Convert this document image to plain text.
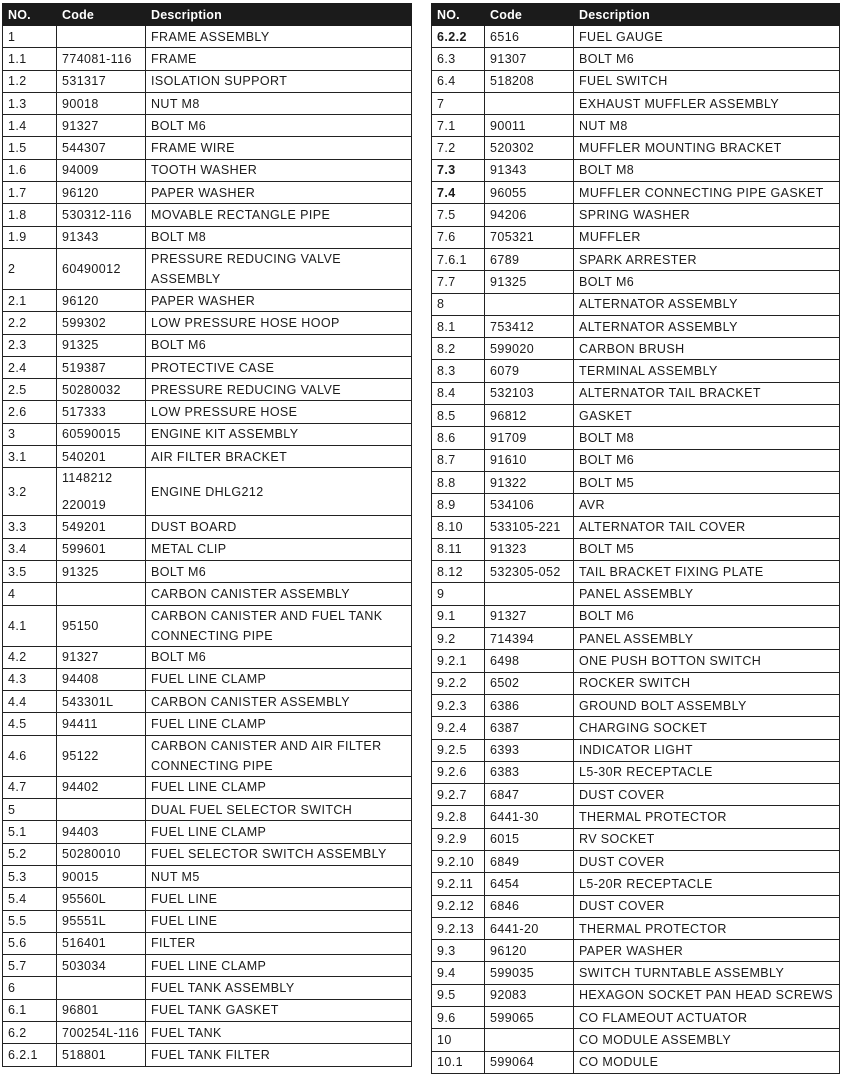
NO.	Code	Description
1		FRAME ASSEMBLY

1.1	774081-116	FRAME

1.2	531317	ISOLATION SUPPORT

1.3	90018	NUT M8

1.4	91327	BOLT M6

1.5	544307	FRAME WIRE

1.6	94009	TOOTH WASHER

1.7	96120	PAPER WASHER

1.8	530312-116	MOVABLE RECTANGLE PIPE

1.9	91343	BOLT M8

2	60490012	PRESSURE REDUCING VALVE
ASSEMBLY

2.1	96120	PAPER WASHER

2.2	599302	LOW PRESSURE HOSE HOOP

2.3	91325	BOLT M6

2.4	519387	PROTECTIVE CASE

2.5	50280032	PRESSURE REDUCING VALVE

2.6	517333	LOW PRESSURE HOSE

3	60590015	ENGINE KIT ASSEMBLY

3.1	540201	AIR FILTER BRACKET

3.2	1148212
220019	ENGINE DHLG212

3.3	549201	DUST BOARD

3.4	599601	METAL CLIP

3.5	91325	BOLT M6

4		CARBON CANISTER ASSEMBLY

4.1	95150	CARBON CANISTER AND FUEL TANK
CONNECTING PIPE

4.2	91327	BOLT M6

4.3	94408	FUEL LINE CLAMP

4.4	543301L	CARBON CANISTER ASSEMBLY

4.5	94411	FUEL LINE CLAMP

4.6	95122	CARBON CANISTER AND AIR FILTER
CONNECTING PIPE

4.7	94402	FUEL LINE CLAMP

5		DUAL FUEL SELECTOR SWITCH

5.1	94403	FUEL LINE CLAMP

5.2	50280010	FUEL SELECTOR SWITCH ASSEMBLY

5.3	90015	NUT M5

5.4	95560L	FUEL LINE

5.5	95551L	FUEL LINE

5.6	516401	FILTER

5.7	503034	FUEL LINE CLAMP

6		FUEL TANK ASSEMBLY

6.1	96801	FUEL TANK GASKET

6.2	700254L-116	FUEL TANK

6.2.1	518801	FUEL TANK FILTER
NO.	Code	Description
6.2.2	6516	FUEL GAUGE

6.3	91307	BOLT M6

6.4	518208	FUEL SWITCH

7		EXHAUST MUFFLER ASSEMBLY

7.1	90011	NUT M8

7.2	520302	MUFFLER MOUNTING BRACKET

7.3	91343	BOLT M8

7.4	96055	MUFFLER CONNECTING PIPE GASKET

7.5	94206	SPRING WASHER

7.6	705321	MUFFLER

7.6.1	6789	SPARK ARRESTER

7.7	91325	BOLT M6

8		ALTERNATOR ASSEMBLY

8.1	753412	ALTERNATOR ASSEMBLY

8.2	599020	CARBON BRUSH

8.3	6079	TERMINAL ASSEMBLY

8.4	532103	ALTERNATOR TAIL BRACKET

8.5	96812	GASKET

8.6	91709	BOLT M8

8.7	91610	BOLT M6

8.8	91322	BOLT M5

8.9	534106	AVR

8.10	533105-221	ALTERNATOR TAIL COVER

8.11	91323	BOLT M5

8.12	532305-052	TAIL BRACKET FIXING PLATE

9		PANEL ASSEMBLY

9.1	91327	BOLT M6

9.2	714394	PANEL ASSEMBLY

9.2.1	6498	ONE PUSH BOTTON SWITCH

9.2.2	6502	ROCKER SWITCH

9.2.3	6386	GROUND BOLT ASSEMBLY

9.2.4	6387	CHARGING SOCKET

9.2.5	6393	INDICATOR LIGHT

9.2.6	6383	L5-30R RECEPTACLE

9.2.7	6847	DUST COVER

9.2.8	6441-30	THERMAL PROTECTOR

9.2.9	6015	RV SOCKET

9.2.10	6849	DUST COVER

9.2.11	6454	L5-20R RECEPTACLE

9.2.12	6846	DUST COVER

9.2.13	6441-20	THERMAL PROTECTOR

9.3	96120	PAPER WASHER

9.4	599035	SWITCH TURNTABLE ASSEMBLY

9.5	92083	HEXAGON SOCKET PAN HEAD SCREWS

9.6	599065	CO FLAMEOUT ACTUATOR

10		CO MODULE ASSEMBLY

10.1	599064	CO MODULE
